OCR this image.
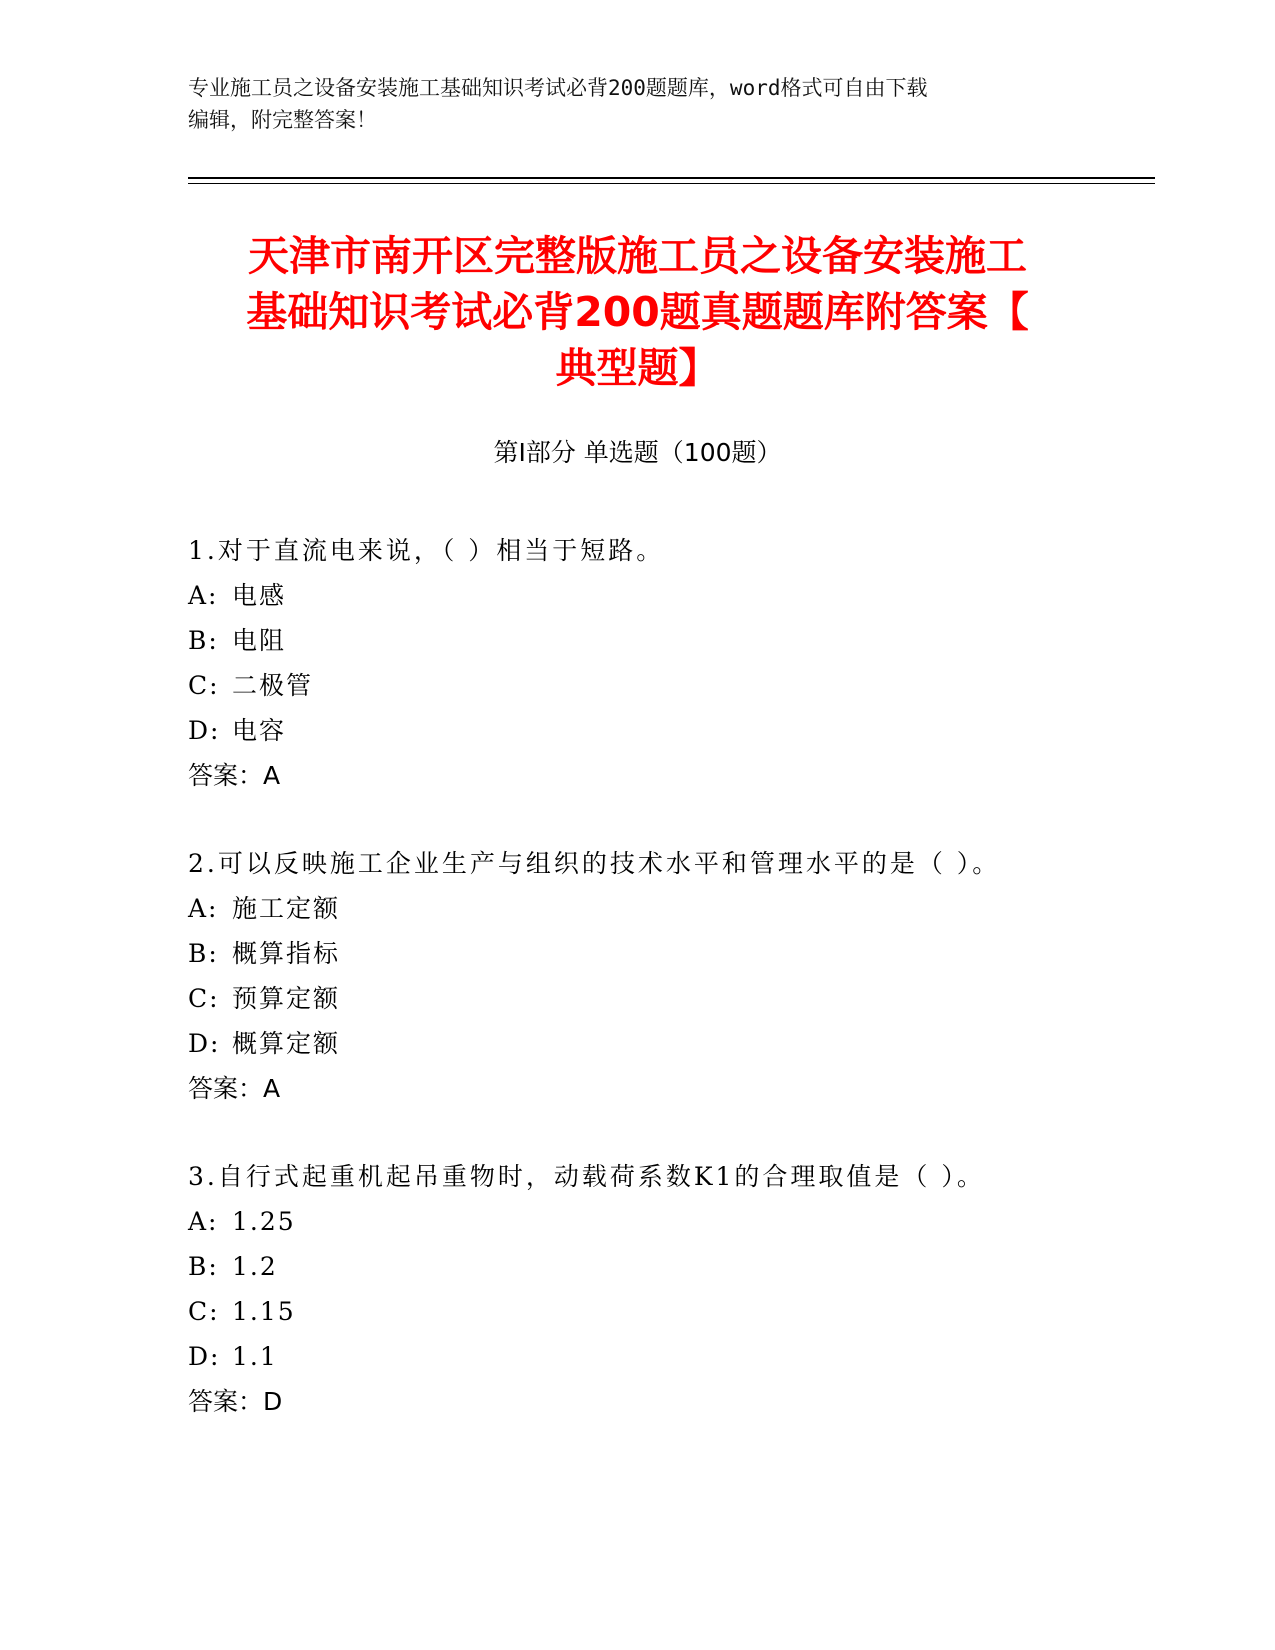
专业施工员之设备安装施工基础知识考试必背200题题库，word格式可自由下载
编辑，附完整答案！
天津市南开区完整版施工员之设备安装施工
基础知识考试必背200题真题题库附答案【
典型题】
第Ⅰ部分 单选题（100题）
1.对于直流电来说，（ ）相当于短路。
A: 电感
B: 电阻
C: 二极管
D: 电容
答案：A
2.可以反映施工企业生产与组织的技术水平和管理水平的是（ ）。
A: 施工定额
B: 概算指标
C: 预算定额
D: 概算定额
答案：A
3.自行式起重机起吊重物时，动载荷系数K1的合理取值是（ ）。
A: 1.25
B: 1.2
C: 1.15
D: 1.1
答案：D
